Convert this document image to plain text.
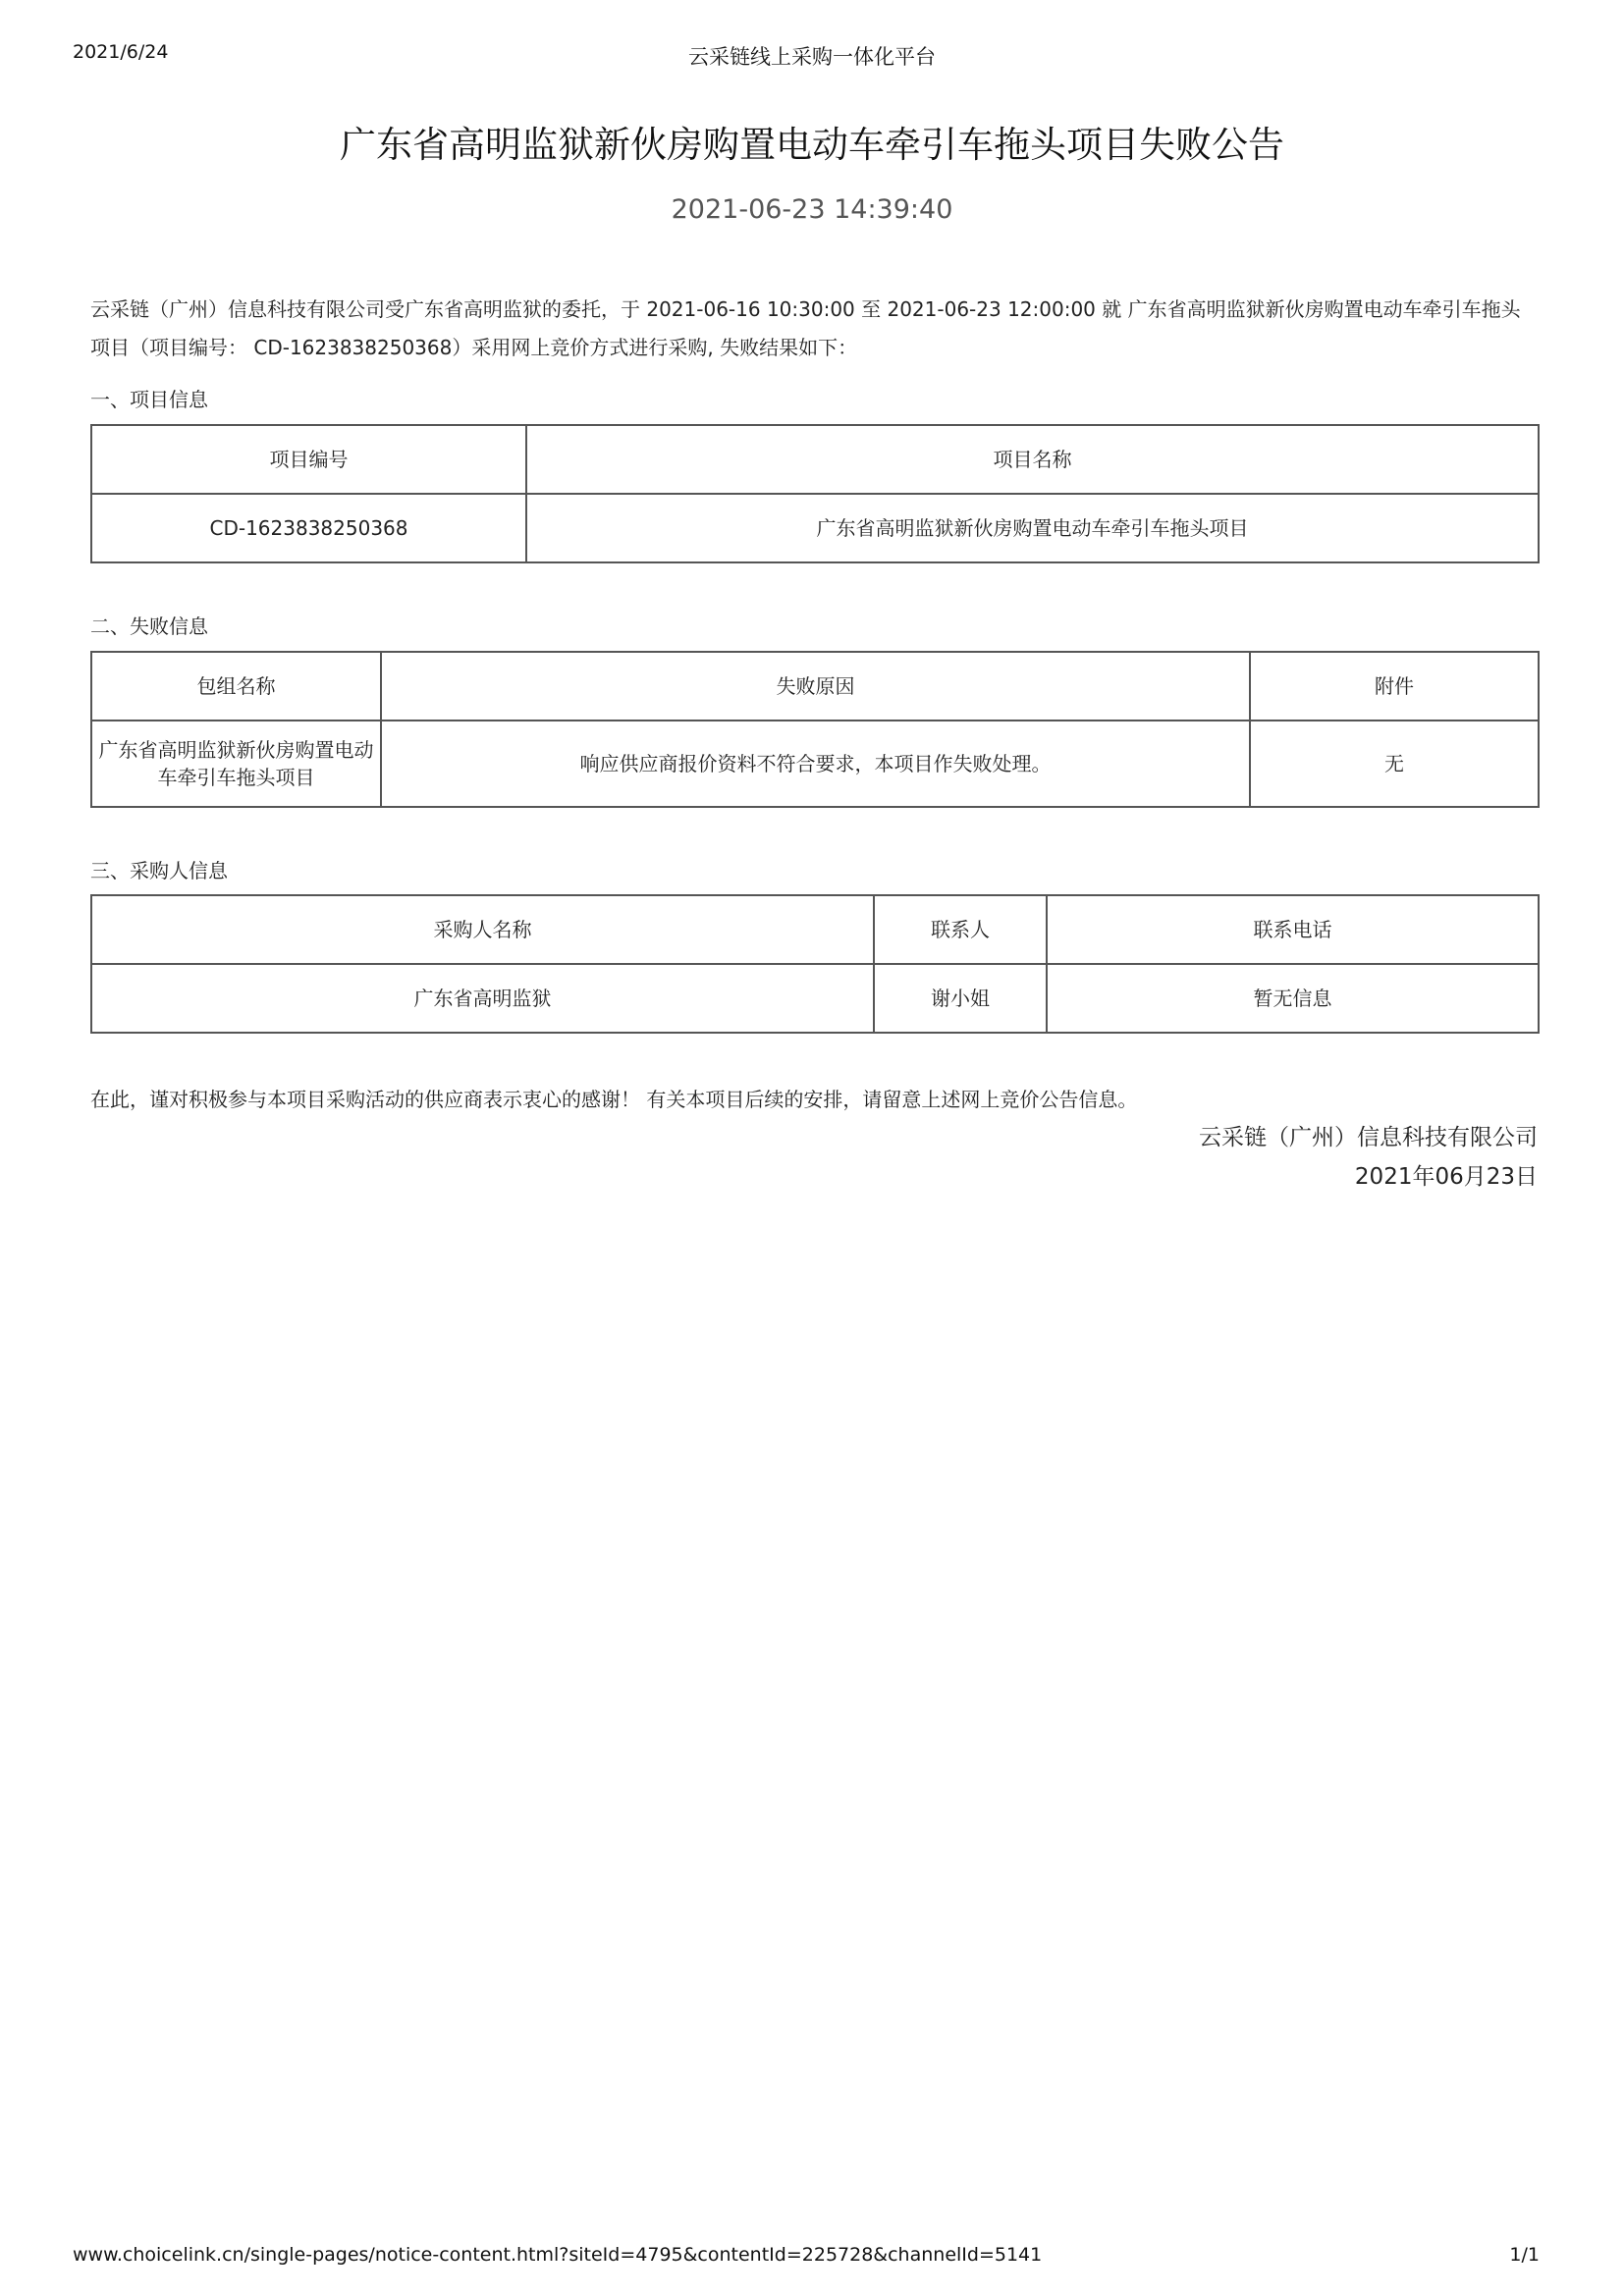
2021/6/24	云采链线上采购一体化平台
广东省高明监狱新伙房购置电动车牵引车拖头项目失败公告
2021-06-23 14:39:40
云采链（广州）信息科技有限公司受广东省高明监狱的委托，于 2021-06-16 10:30:00 至 2021-06-23 12:00:00 就 广东省高明监狱新伙房购置电动车牵引车拖头
项目（项目编号： CD-1623838250368）采用网上竞价方式进行采购, 失败结果如下：
一、项目信息
项目编号	项目名称
CD-1623838250368	广东省高明监狱新伙房购置电动车牵引车拖头项目
二、失败信息
包组名称	失败原因	附件

广东省高明监狱新伙房购置电动
车牵引车拖头项目	响应供应商报价资料不符合要求，本项目作失败处理。	无
三、采购人信息
采购人名称	联系人	联系电话
广东省高明监狱	谢小姐	暂无信息
在此，谨对积极参与本项目采购活动的供应商表示衷心的感谢！ 有关本项目后续的安排，请留意上述网上竞价公告信息。
云采链（广州）信息科技有限公司
2021年06月23日
www.choicelink.cn/single-pages/notice-content.html?siteId=4795&contentId=225728&channelId=5141	1/1
